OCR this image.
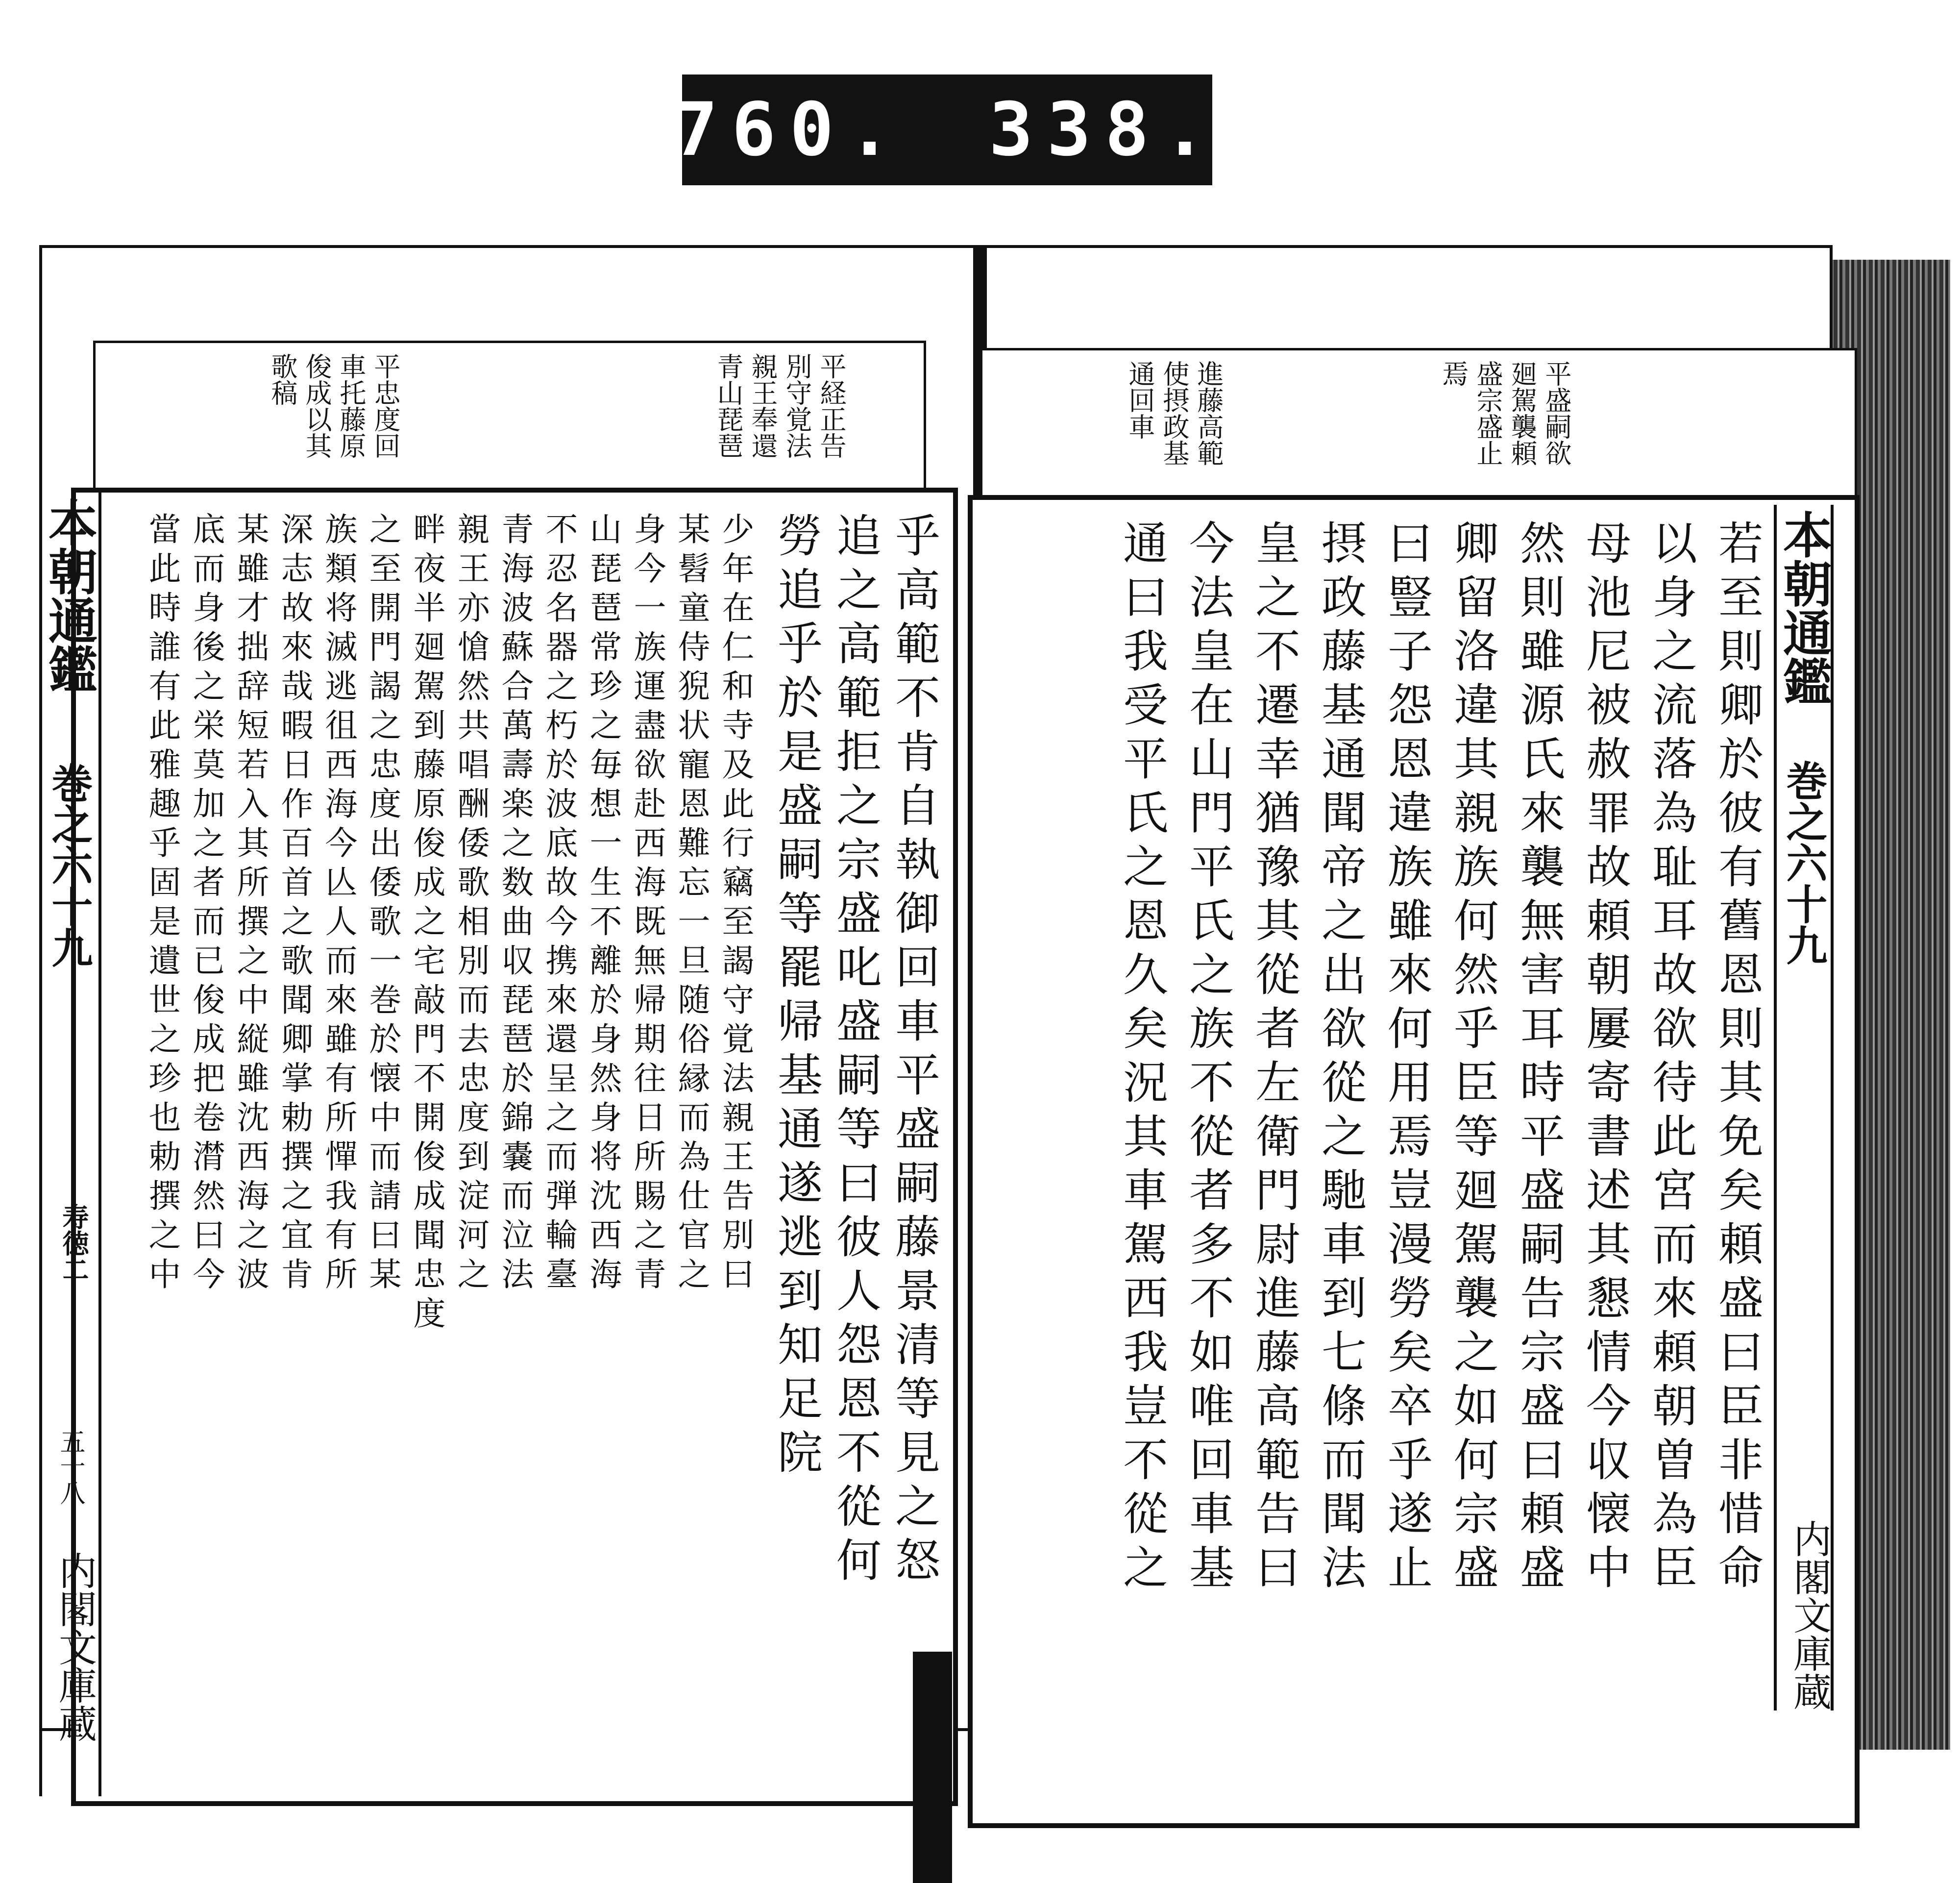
760. 338.
平経正告
別守覚法
親王奉還
青山琵琶
平忠度回
車托藤原
俊成以其
歌稿
乎高範不肯自執御回車平盛嗣藤景清等見之怒
追之高範拒之宗盛叱盛嗣等曰彼人怨恩不從何
勞追乎於是盛嗣等罷帰基通遂逃到知足院
少年在仁和寺及此行竊至謁守覚法親王告別曰
某髫童侍猊状寵恩難忘一旦随俗縁而為仕官之
身今一族運盡欲赴西海既無帰期往日所賜之青
山琵琶常珍之毎想一生不離於身然身将沈西海
不忍名器之朽於波底故今携來還呈之而弾輪臺
青海波蘇合萬壽楽之数曲収琵琶於錦嚢而泣法
親王亦愴然共唱酬倭歌相別而去忠度到淀河之
畔夜半廻駕到藤原俊成之宅敲門不開俊成聞忠度
之至開門謁之忠度出倭歌一巻於懐中而請曰某
族類将滅逃徂西海今亾人而來雖有所憚我有所
深志故來哉暇日作百首之歌聞卿掌勅撰之宜肯
某雖才拙辞短若入其所撰之中縦雖沈西海之波
底而身後之栄莫加之者而已俊成把卷潸然曰今
當此時誰有此雅趣乎固是遺世之珍也勅撰之中
本朝通鑑
巻之六十九
寿徳二
五十八
内閣文庫蔵
平盛嗣欲
廻駕襲頼
盛宗盛止
焉
進藤高範
使摂政基
通回車
若至則卿於彼有舊恩則其免矣頼盛曰臣非惜命
以身之流落為耻耳故欲待此宮而來頼朝曽為臣
母池尼被赦罪故頼朝屢寄書述其懇情今収懐中
然則雖源氏來襲無害耳時平盛嗣告宗盛曰頼盛
卿留洛違其親族何然乎臣等廻駕襲之如何宗盛
曰豎子怨恩違族雖來何用焉豈漫勞矣卒乎遂止
摂政藤基通聞帝之出欲從之馳車到七條而聞法
皇之不遷幸猶豫其從者左衛門尉進藤高範告曰
今法皇在山門平氏之族不從者多不如唯回車基
通曰我受平氏之恩久矣況其車駕西我豈不從之	本朝通鑑
巻之六十九
内閣文庫蔵
